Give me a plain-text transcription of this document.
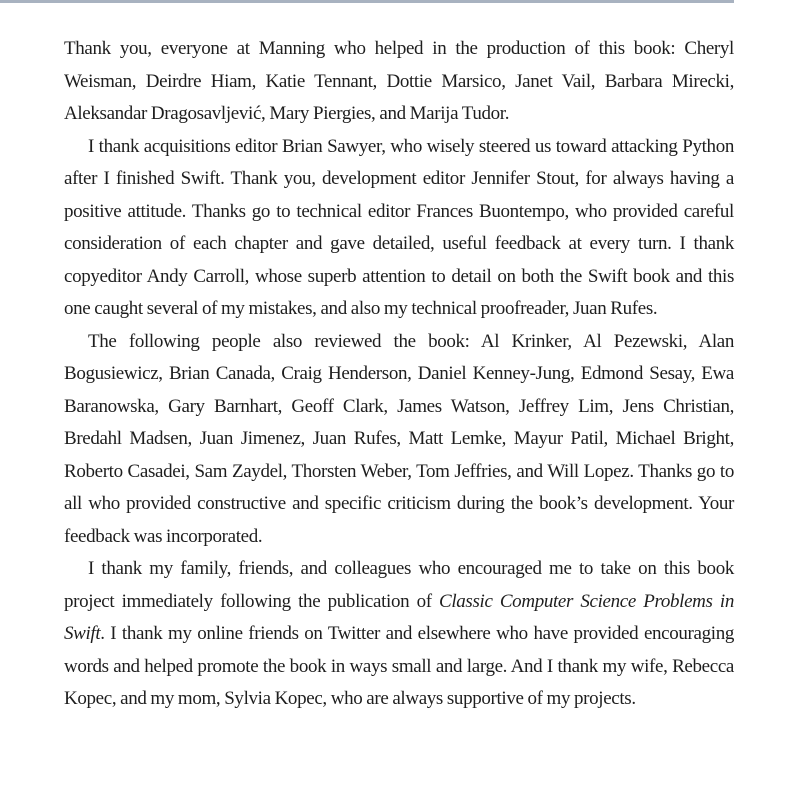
Thank you, everyone at Manning who helped in the production of this book: Cheryl Weisman, Deirdre Hiam, Katie Tennant, Dottie Marsico, Janet Vail, Barbara Mirecki, Aleksandar Dragosavljević, Mary Piergies, and Marija Tudor.

I thank acquisitions editor Brian Sawyer, who wisely steered us toward attacking Python after I finished Swift. Thank you, development editor Jennifer Stout, for always having a positive attitude. Thanks go to technical editor Frances Buontempo, who provided careful consideration of each chapter and gave detailed, useful feedback at every turn. I thank copyeditor Andy Carroll, whose superb attention to detail on both the Swift book and this one caught several of my mistakes, and also my technical proofreader, Juan Rufes.

The following people also reviewed the book: Al Krinker, Al Pezewski, Alan Bogusiewicz, Brian Canada, Craig Henderson, Daniel Kenney-Jung, Edmond Sesay, Ewa Baranowska, Gary Barnhart, Geoff Clark, James Watson, Jeffrey Lim, Jens Christian, Bredahl Madsen, Juan Jimenez, Juan Rufes, Matt Lemke, Mayur Patil, Michael Bright, Roberto Casadei, Sam Zaydel, Thorsten Weber, Tom Jeffries, and Will Lopez. Thanks go to all who provided constructive and specific criticism during the book’s development. Your feedback was incorporated.

I thank my family, friends, and colleagues who encouraged me to take on this book project immediately following the publication of Classic Computer Science Problems in Swift. I thank my online friends on Twitter and elsewhere who have provided encouraging words and helped promote the book in ways small and large. And I thank my wife, Rebecca Kopec, and my mom, Sylvia Kopec, who are always supportive of my projects.
